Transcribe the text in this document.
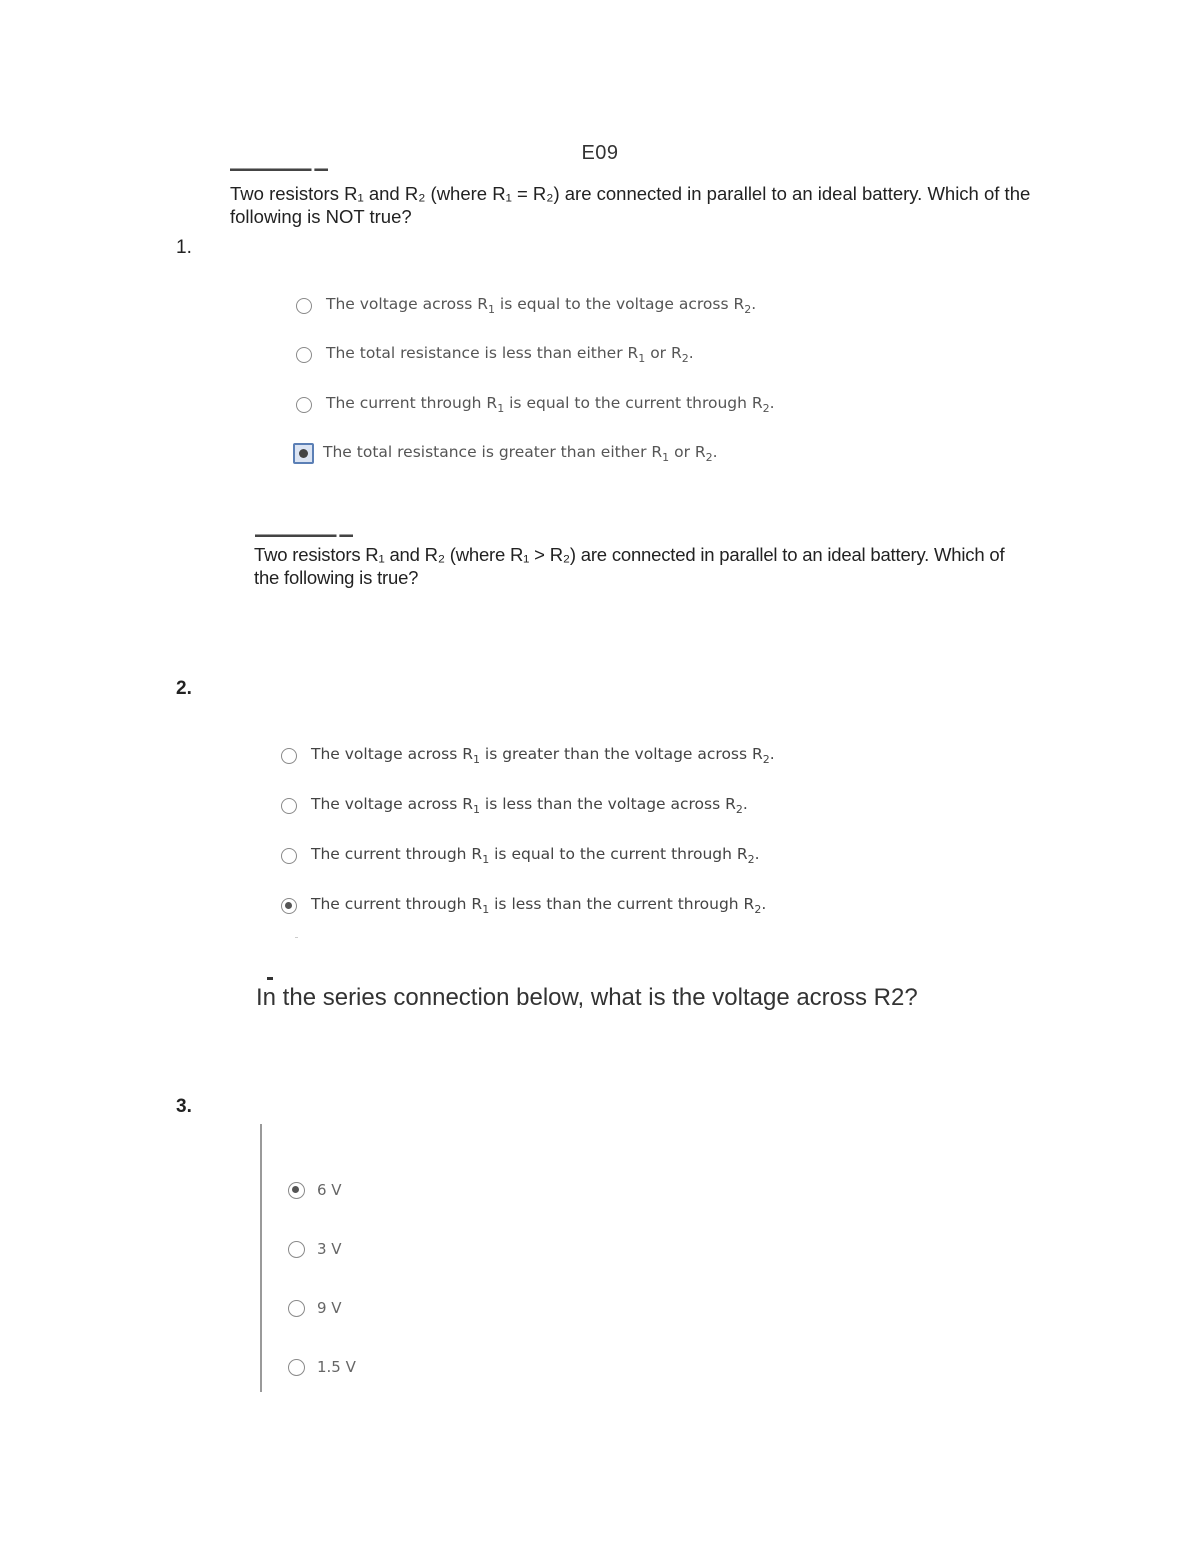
E09
▬▬▬▬▬▬ ▬
Two resistors R₁ and R₂ (where R₁ = R₂) are connected in parallel to an ideal battery. Which of the
following is NOT true?
1.
The voltage across $R_1$ is equal to the voltage across $R_2$.
The total resistance is less than either $R_1$ or $R_2$.
The current through $R_1$ is equal to the current through $R_2$.
The total resistance is greater than either $R_1$ or $R_2$.
▬▬▬▬▬▬ ▬
Two resistors R₁ and R₂ (where R₁ > R₂) are connected in parallel to an ideal battery. Which of
the following is true?
2.
The voltage across $R_1$ is greater than the voltage across $R_2$.
The voltage across $R_1$ is less than the voltage across $R_2$.
The current through $R_1$ is equal to the current through $R_2$.
The current through $R_1$ is less than the current through $R_2$.
In the series connection below, what is the voltage across R2?
3.
6 V
3 V
9 V
1.5 V
